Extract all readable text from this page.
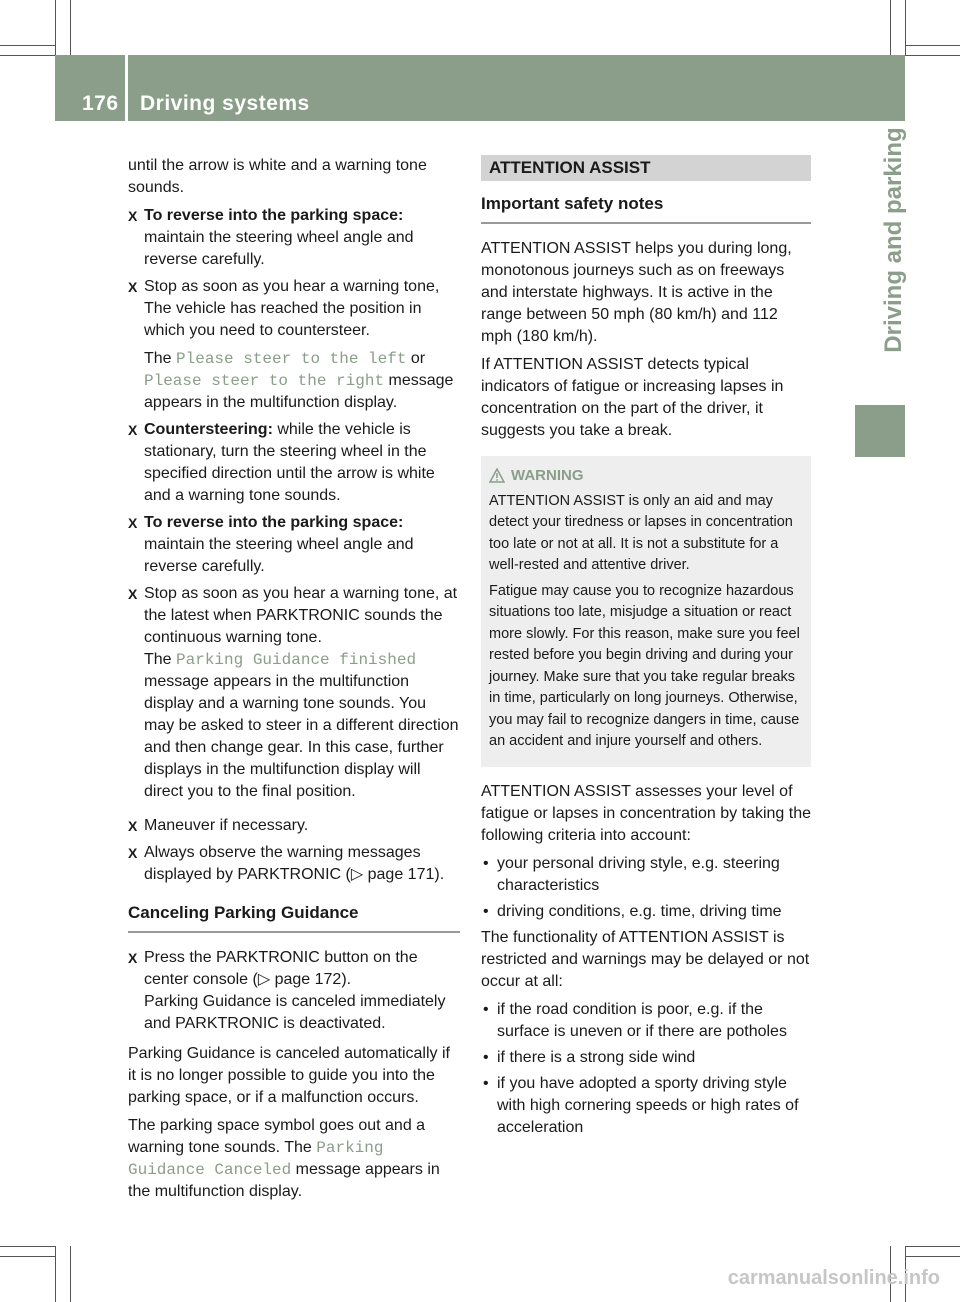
176 Driving systems
Driving and parking

until the arrow is white and a warning tone sounds.

X To reverse into the parking space: maintain the steering wheel angle and reverse carefully.
X Stop as soon as you hear a warning tone, The vehicle has reached the position in which you need to countersteer.
The Please steer to the left or Please steer to the right message appears in the multifunction display.
X Countersteering: while the vehicle is stationary, turn the steering wheel in the specified direction until the arrow is white and a warning tone sounds.
X To reverse into the parking space: maintain the steering wheel angle and reverse carefully.
X Stop as soon as you hear a warning tone, at the latest when PARKTRONIC sounds the continuous warning tone.
The Parking Guidance finished message appears in the multifunction display and a warning tone sounds. You may be asked to steer in a different direction and then change gear. In this case, further displays in the multifunction display will direct you to the final position.
X Maneuver if necessary.
X Always observe the warning messages displayed by PARKTRONIC (▷ page 171).
Canceling Parking Guidance
X Press the PARKTRONIC button on the center console (▷ page 172).
Parking Guidance is canceled immediately and PARKTRONIC is deactivated.

Parking Guidance is canceled automatically if it is no longer possible to guide you into the parking space, or if a malfunction occurs.

The parking space symbol goes out and a warning tone sounds. The Parking Guidance Canceled message appears in the multifunction display.

ATTENTION ASSIST
Important safety notes

ATTENTION ASSIST helps you during long, monotonous journeys such as on freeways and interstate highways. It is active in the range between 50 mph (80 km/h) and 112 mph (180 km/h).

If ATTENTION ASSIST detects typical indicators of fatigue or increasing lapses in concentration on the part of the driver, it suggests you take a break.

WARNING

ATTENTION ASSIST is only an aid and may detect your tiredness or lapses in concentration too late or not at all. It is not a substitute for a well-rested and attentive driver.

Fatigue may cause you to recognize hazardous situations too late, misjudge a situation or react more slowly. For this reason, make sure you feel rested before you begin driving and during your journey. Make sure that you take regular breaks in time, particularly on long journeys. Otherwise, you may fail to recognize dangers in time, cause an accident and injure yourself and others.

ATTENTION ASSIST assesses your level of fatigue or lapses in concentration by taking the following criteria into account:

• your personal driving style, e.g. steering characteristics
• driving conditions, e.g. time, driving time

The functionality of ATTENTION ASSIST is restricted and warnings may be delayed or not occur at all:

• if the road condition is poor, e.g. if the surface is uneven or if there are potholes
• if there is a strong side wind
• if you have adopted a sporty driving style with high cornering speeds or high rates of acceleration
carmanualsonline.info
